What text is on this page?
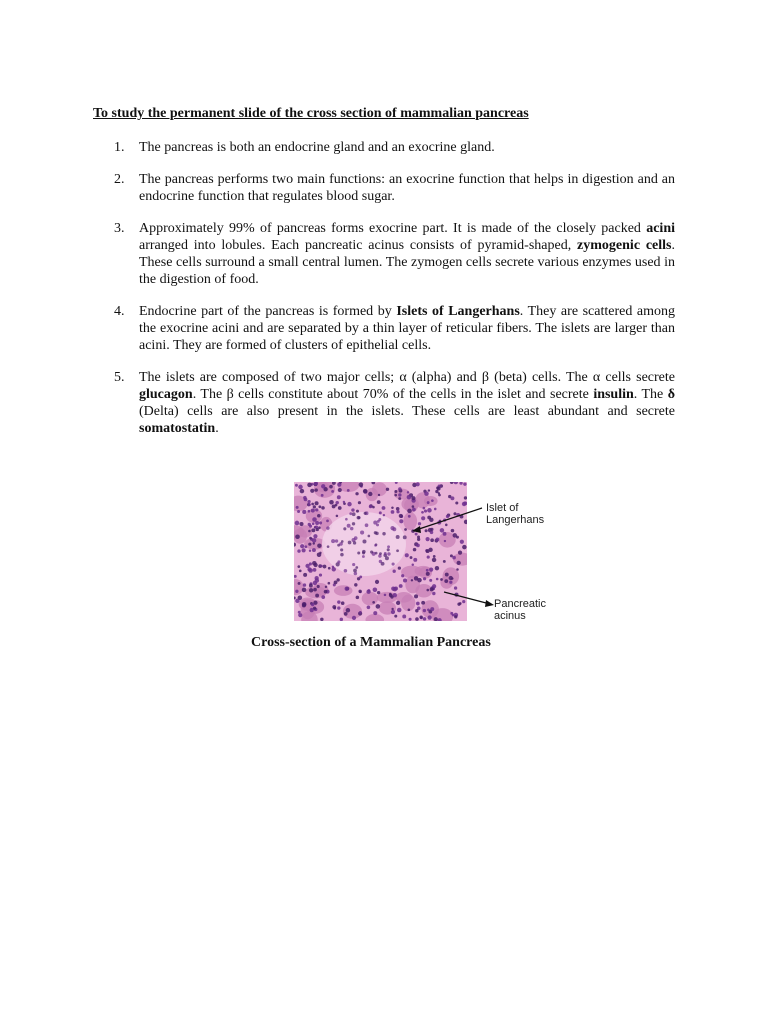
To study the permanent slide of the cross section of mammalian pancreas
1. The pancreas is both an endocrine gland and an exocrine gland.
2. The pancreas performs two main functions: an exocrine function that helps in digestion and an endocrine function that regulates blood sugar.
3. Approximately 99% of pancreas forms exocrine part. It is made of the closely packed acini arranged into lobules. Each pancreatic acinus consists of pyramid-shaped, zymogenic cells. These cells surround a small central lumen. The zymogen cells secrete various enzymes used in the digestion of food.
4. Endocrine part of the pancreas is formed by Islets of Langerhans. They are scattered among the exocrine acini and are separated by a thin layer of reticular fibers. The islets are larger than acini. They are formed of clusters of epithelial cells.
5. The islets are composed of two major cells; α (alpha) and β (beta) cells. The α cells secrete glucagon. The β cells constitute about 70% of the cells in the islet and secrete insulin. The δ (Delta) cells are also present in the islets. These cells are least abundant and secrete somatostatin.
Islet of Langerhans
Pancreatic acinus
Cross-section of a Mammalian Pancreas
